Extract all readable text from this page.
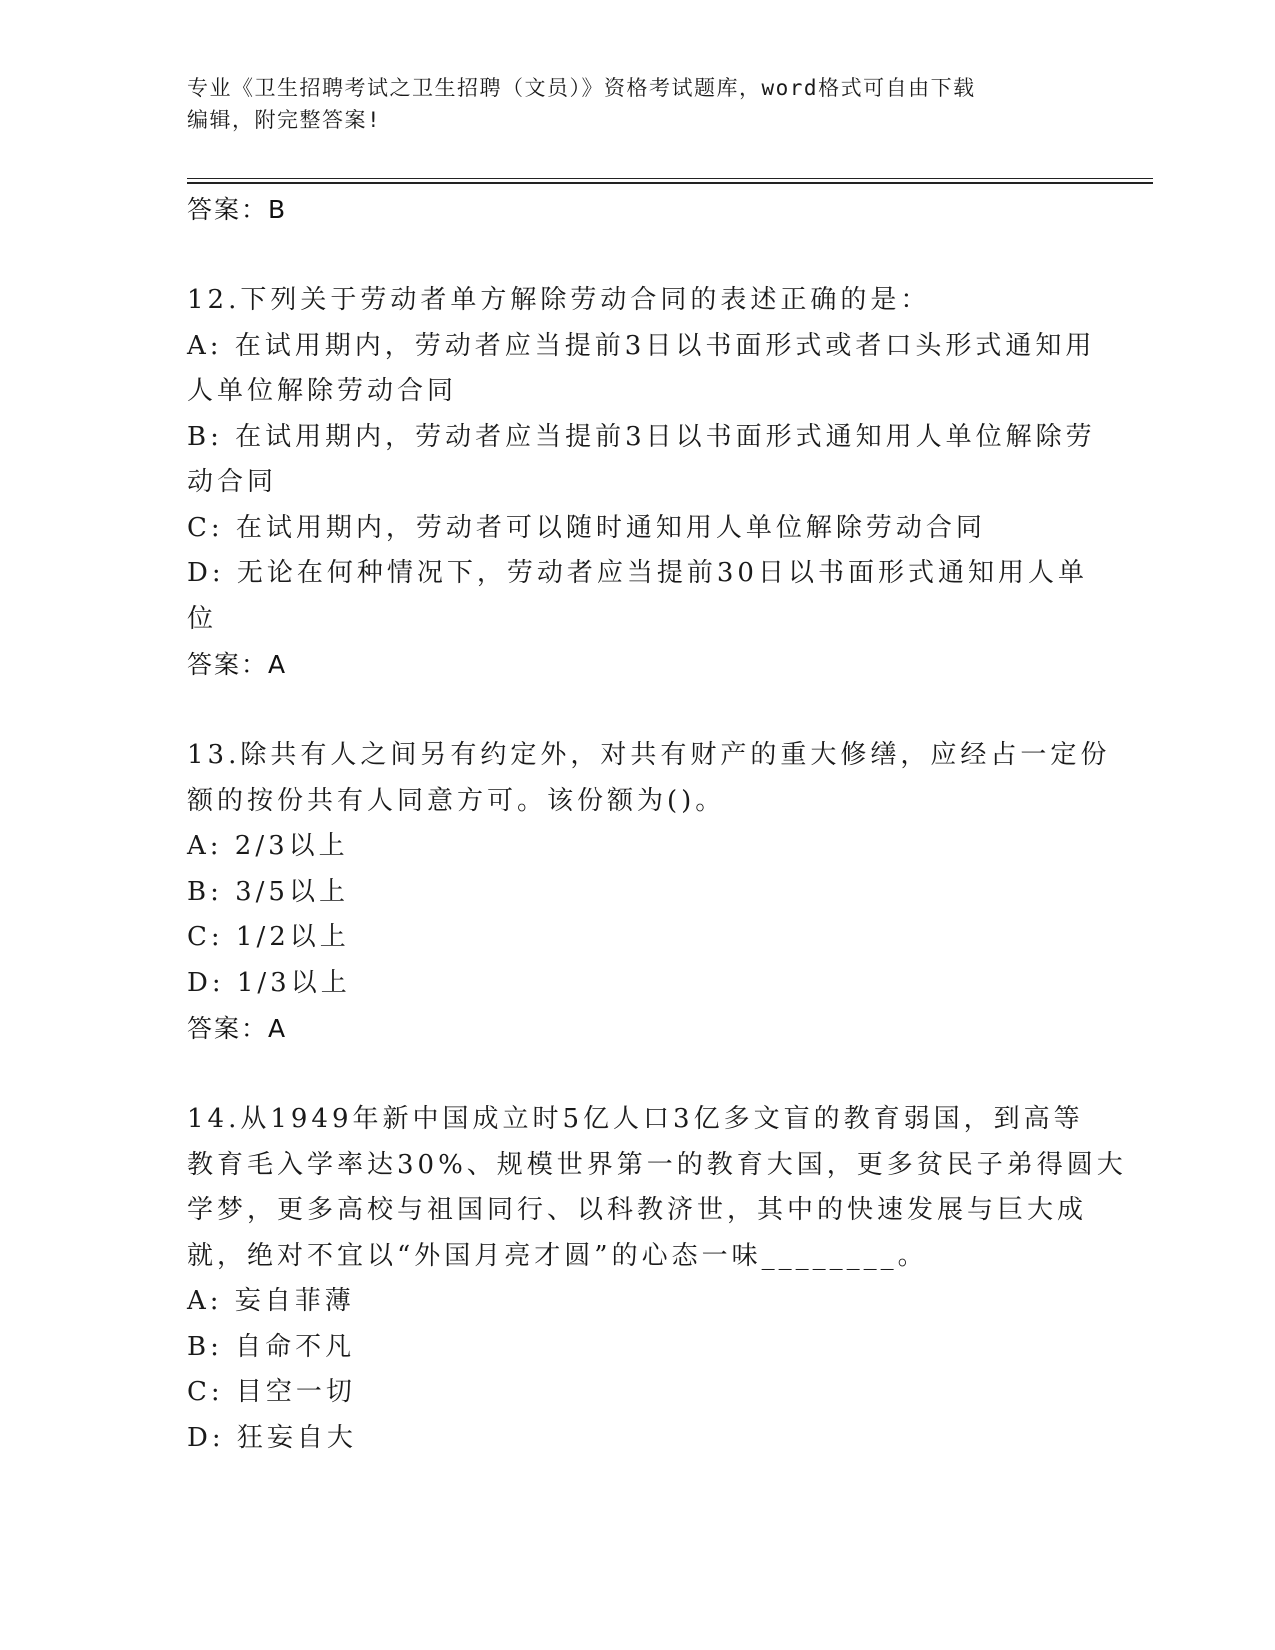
专业《卫生招聘考试之卫生招聘（文员）》资格考试题库，word格式可自由下载
编辑，附完整答案!
答案：B
12.下列关于劳动者单方解除劳动合同的表述正确的是：
A: 在试用期内，劳动者应当提前3日以书面形式或者口头形式通知用
人单位解除劳动合同
B: 在试用期内，劳动者应当提前3日以书面形式通知用人单位解除劳
动合同
C: 在试用期内，劳动者可以随时通知用人单位解除劳动合同
D: 无论在何种情况下，劳动者应当提前30日以书面形式通知用人单
位
答案：A
13.除共有人之间另有约定外，对共有财产的重大修缮，应经占一定份
额的按份共有人同意方可。该份额为()。
A: 2/3以上
B: 3/5以上
C: 1/2以上
D: 1/3以上
答案：A
14.从1949年新中国成立时5亿人口3亿多文盲的教育弱国，到高等
教育毛入学率达30%、规模世界第一的教育大国，更多贫民子弟得圆大
学梦，更多高校与祖国同行、以科教济世，其中的快速发展与巨大成
就，绝对不宜以“外国月亮才圆”的心态一味________。
A: 妄自菲薄
B: 自命不凡
C: 目空一切
D: 狂妄自大
